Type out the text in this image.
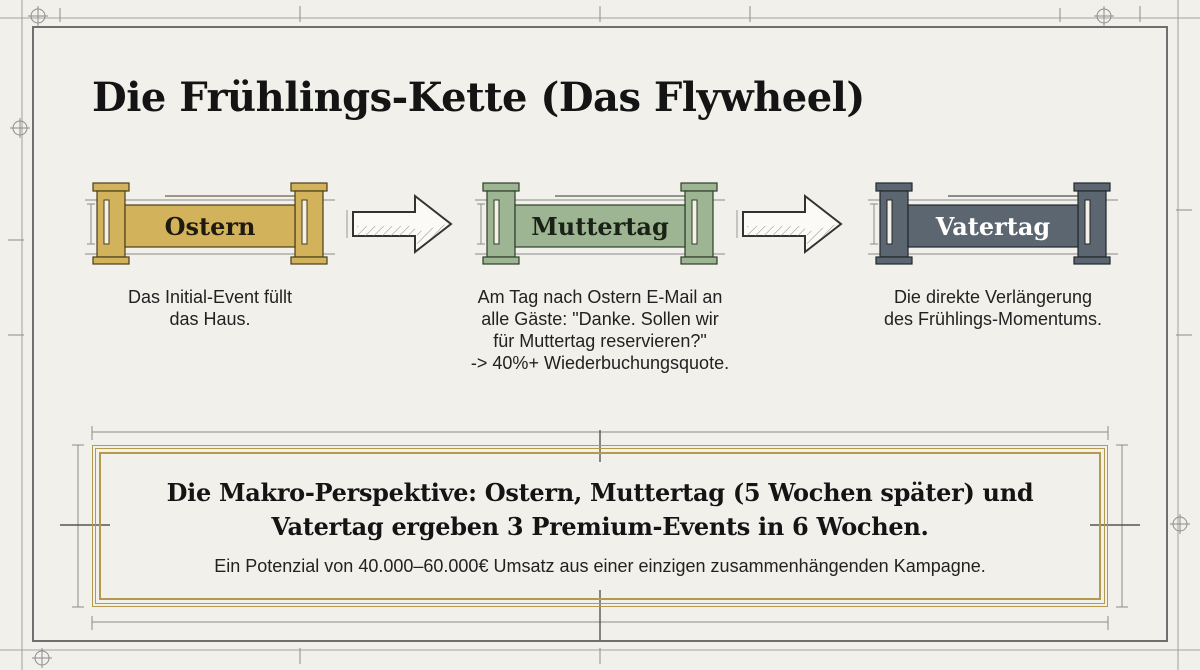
Die Frühlings-Kette (Das Flywheel)
Ostern
Das Initial-Event füllt
das Haus.
Muttertag
Am Tag nach Ostern E-Mail an
alle Gäste: "Danke. Sollen wir
für Muttertag reservieren?"
-> 40%+ Wiederbuchungsquote.
Vatertag
Die direkte Verlängerung
des Frühlings-Momentums.

Die Makro-Perspektive: Ostern, Muttertag (5 Wochen später) und
Vatertag ergeben 3 Premium-Events in 6 Wochen.

Ein Potenzial von 40.000–60.000€ Umsatz aus einer einzigen zusammenhängenden Kampagne.
